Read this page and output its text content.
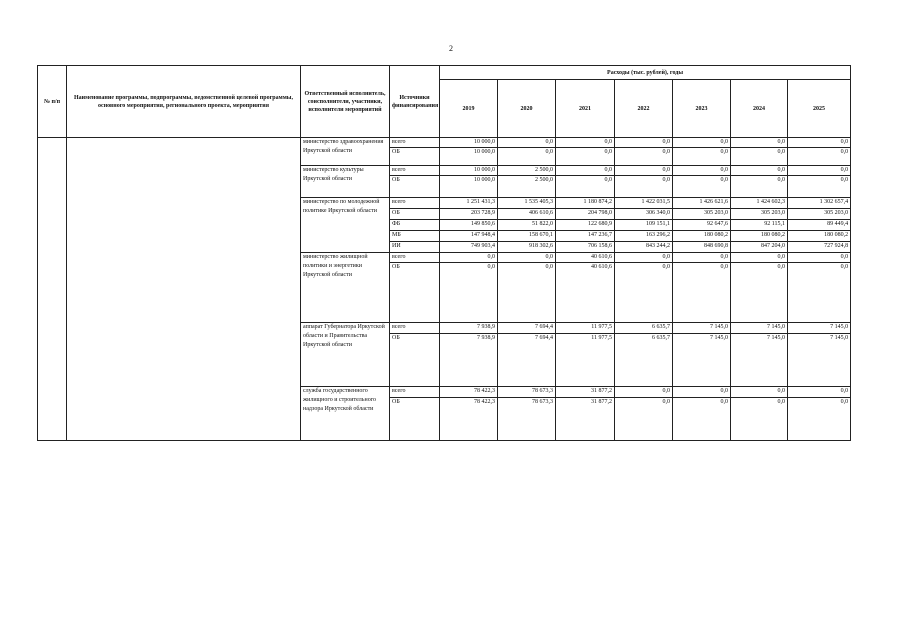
2
№ п/п	Наименование программы, подпрограммы, ведомственной целевой программы, основного мероприятия, регионального проекта, мероприятия	Ответственный исполнитель, соисполнители, участники, исполнители мероприятий	Источники финансирования	Расходы (тыс. рублей), годы						
				2019	2020	2021	2022	2023	2024	2025
		министерство здравоохранения Иркутской области	всего	10 000,0	0,0	0,0	0,0	0,0	0,0	0,0
			ОБ	10 000,0	0,0	0,0	0,0	0,0	0,0	0,0
		министерство культуры Иркутской области	всего	10 000,0	2 500,0	0,0	0,0	0,0	0,0	0,0
			ОБ	10 000,0	2 500,0	0,0	0,0	0,0	0,0	0,0
		министерство по молодежной политике Иркутской области	всего	1 251 431,3	1 535 405,3	1 180 874,2	1 422 031,5	1 426 621,6	1 424 602,3	1 302 657,4
			ОБ	203 728,9	406 610,6	204 798,0	306 340,0	305 203,0	305 203,0	305 203,0
			ФБ	149 850,6	51 822,0	122 680,9	109 151,1	92 647,6	92 115,1	89 449,4
			МБ	147 948,4	158 670,1	147 236,7	163 296,2	180 080,2	180 080,2	180 080,2
			ИИ	749 903,4	918 302,6	706 158,6	843 244,2	848 690,8	847 204,0	727 924,8
		министерство жилищной политики и энергетики Иркутской области	всего	0,0	0,0	40 610,6	0,0	0,0	0,0	0,0
			ОБ	0,0	0,0	40 610,6	0,0	0,0	0,0	0,0
		аппарат Губернатора Иркутской области и Правительства Иркутской области	всего	7 938,9	7 694,4	11 977,5	6 635,7	7 145,0	7 145,0	7 145,0
			ОБ	7 938,9	7 694,4	11 977,5	6 635,7	7 145,0	7 145,0	7 145,0
		служба государственного жилищного и строительного надзора Иркутской области	всего	78 422,3	78 673,3	31 877,2	0,0	0,0	0,0	0,0
			ОБ	78 422,3	78 673,3	31 877,2	0,0	0,0	0,0	0,0
